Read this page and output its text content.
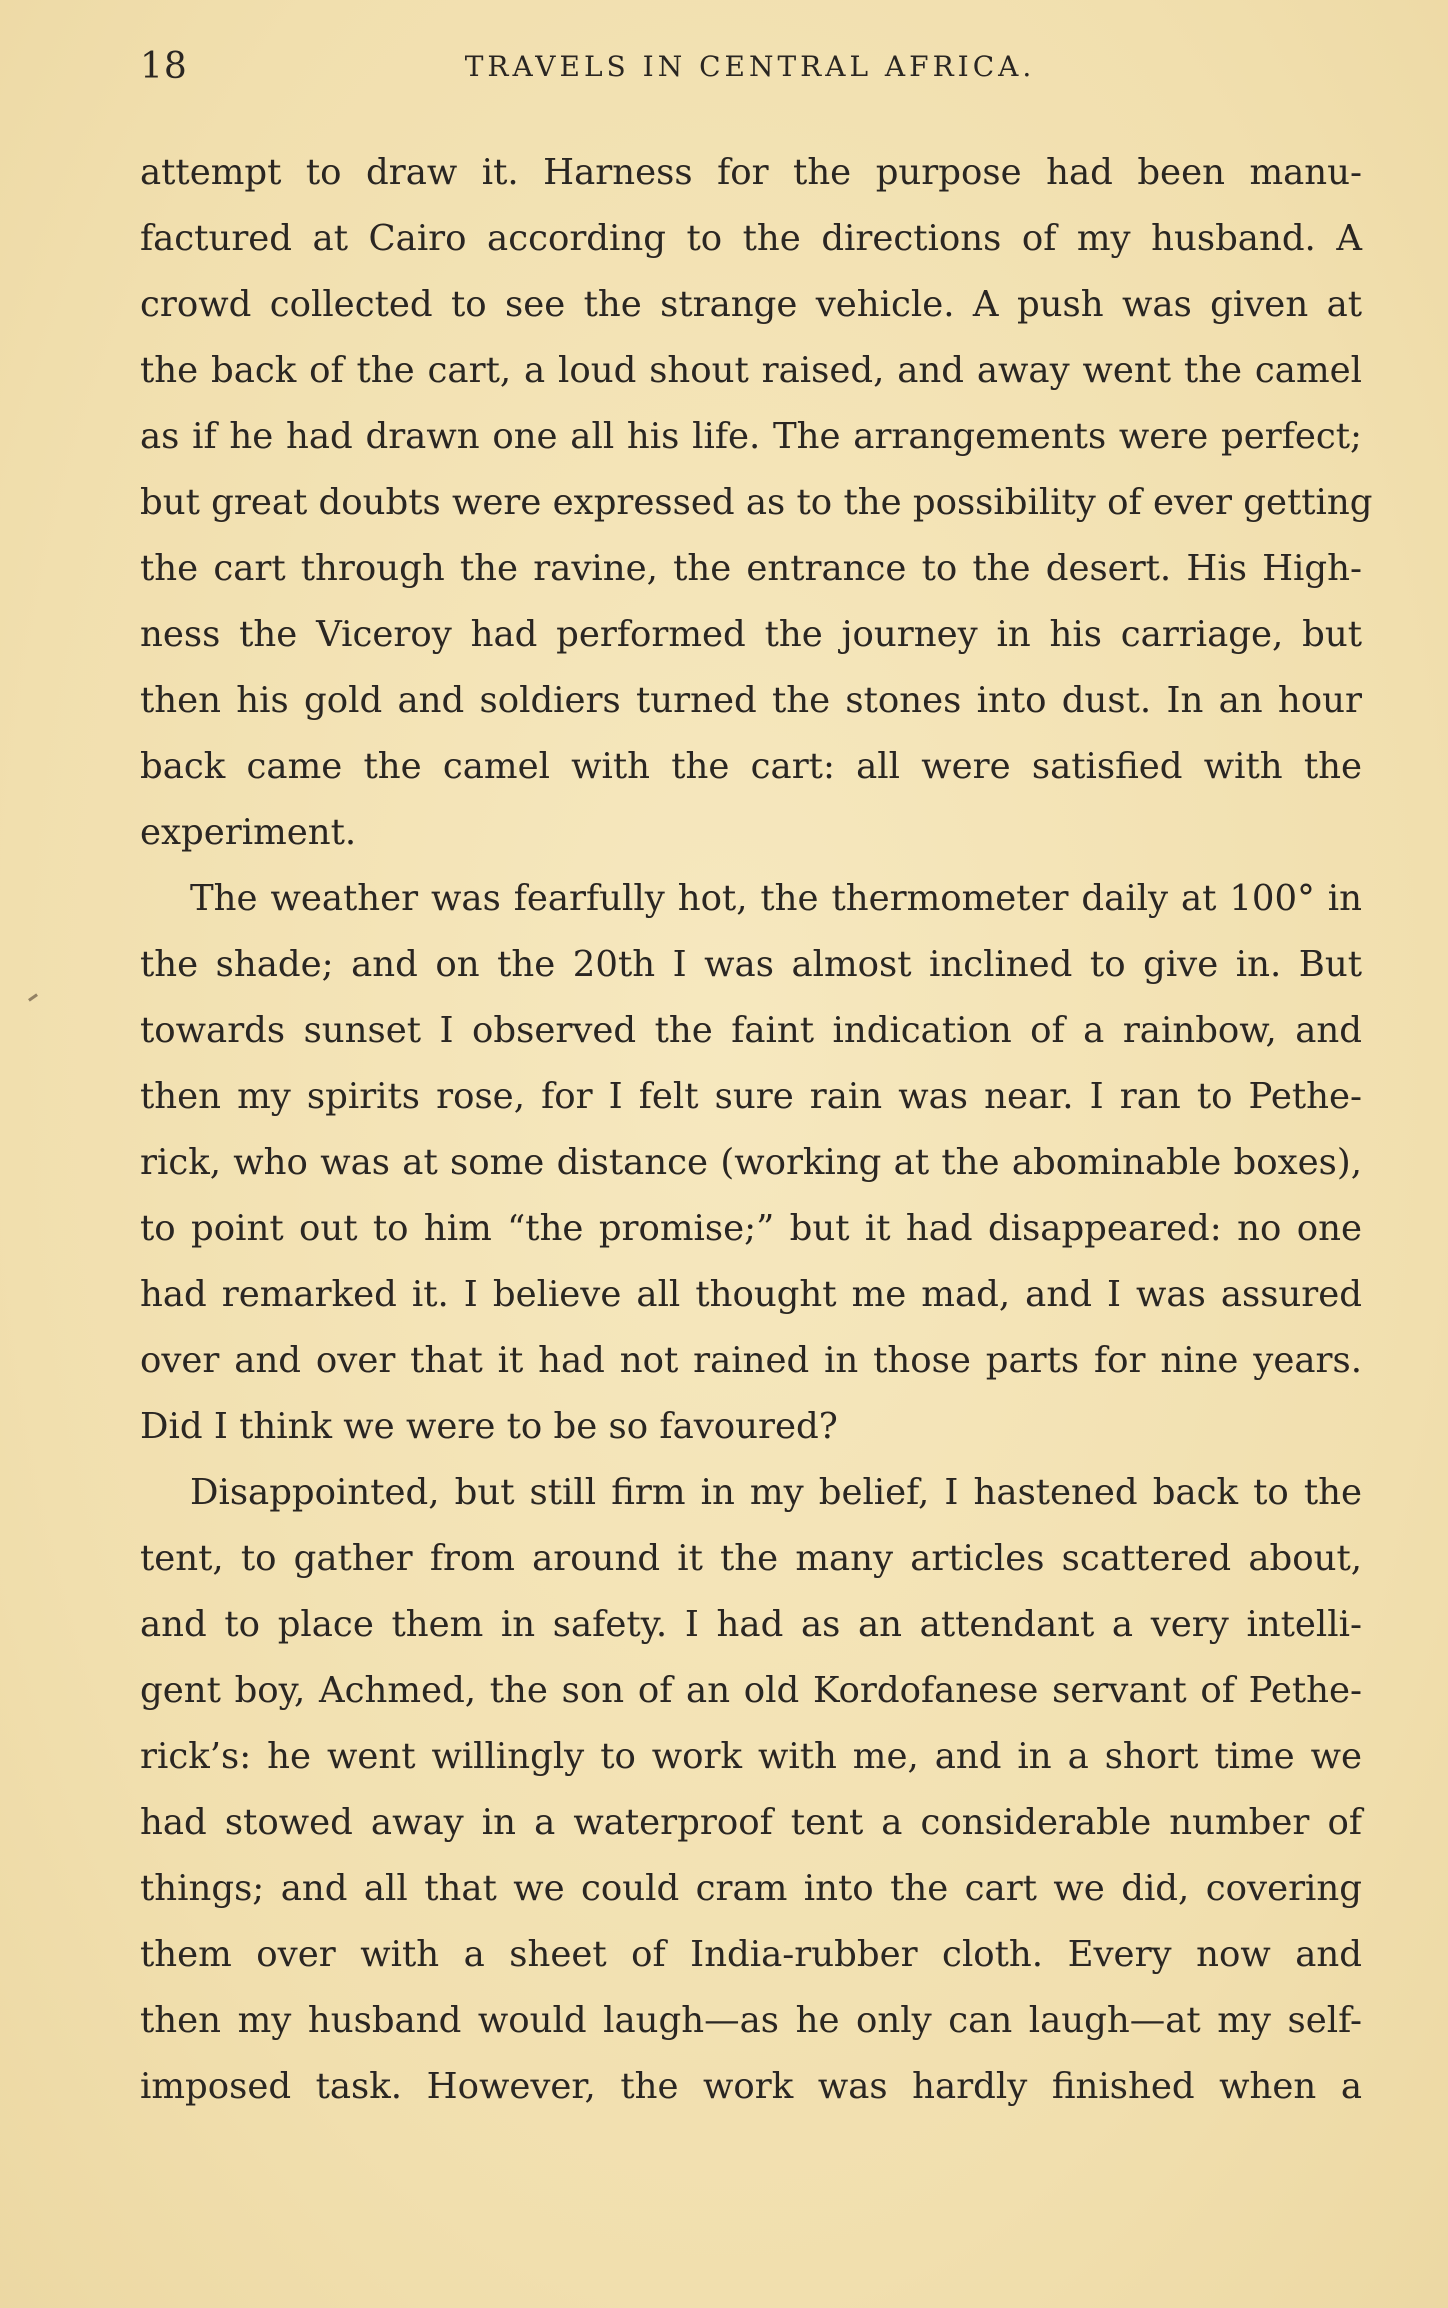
18	TRAVELS IN CENTRAL AFRICA.
attempt to draw it. Harness for the purpose had been manu-
factured at Cairo according to the directions of my husband. A
crowd collected to see the strange vehicle. A push was given at
the back of the cart, a loud shout raised, and away went the camel
as if he had drawn one all his life. The arrangements were perfect;
but great doubts were expressed as to the possibility of ever getting
the cart through the ravine, the entrance to the desert. His High-
ness the Viceroy had performed the journey in his carriage, but
then his gold and soldiers turned the stones into dust. In an hour
back came the camel with the cart: all were satisfied with the
experiment.
The weather was fearfully hot, the thermometer daily at 100° in
the shade; and on the 20th I was almost inclined to give in. But
towards sunset I observed the faint indication of a rainbow, and
then my spirits rose, for I felt sure rain was near. I ran to Pethe-
rick, who was at some distance (working at the abominable boxes),
to point out to him “the promise;” but it had disappeared: no one
had remarked it. I believe all thought me mad, and I was assured
over and over that it had not rained in those parts for nine years.
Did I think we were to be so favoured?
Disappointed, but still firm in my belief, I hastened back to the
tent, to gather from around it the many articles scattered about,
and to place them in safety. I had as an attendant a very intelli-
gent boy, Achmed, the son of an old Kordofanese servant of Pethe-
rick’s: he went willingly to work with me, and in a short time we
had stowed away in a waterproof tent a considerable number of
things; and all that we could cram into the cart we did, covering
them over with a sheet of India-rubber cloth. Every now and
then my husband would laugh—as he only can laugh—at my self-
imposed task. However, the work was hardly finished when a
